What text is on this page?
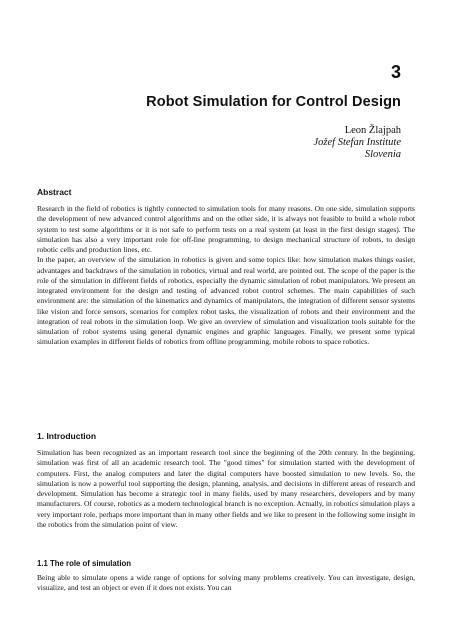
3
Robot Simulation for Control Design
Leon Žlajpah
Jožef Stefan Institute
Slovenia
Abstract

Research in the field of robotics is tightly connected to simulation tools for many reasons. On one side, simulation supports the development of new advanced control algorithms and on the other side, it is always not feasible to build a whole robot system to test some algorithms or it is not safe to perform tests on a real system (at least in the first design stages). The simulation has also a very important role for off-line programming, to design mechanical structure of robots, to design robotic cells and production lines, etc.

In the paper, an overview of the simulation in robotics is given and some topics like: how simulation makes things easier, advantages and backdraws of the simulation in robotics, virtual and real world, are pointed out. The scope of the paper is the role of the simulation in different fields of robotics, especially the dynamic simulation of robot manipulators. We present an integrated environment for the design and testing of advanced robot control schemes. The main capabilities of such environment are: the simulation of the kinematics and dynamics of manipulators, the integration of different sensor systems like vision and force sensors, scenarios for complex robot tasks, the visualization of robots and their environment and the integration of real robots in the simulation loop. We give an overview of simulation and visualization tools suitable for the simulation of robot systems using general dynamic engines and graphic languages. Finally, we present some typical simulation examples in different fields of robotics from offline programming, mobile robots to space robotics.

1. Introduction

Simulation has been recognized as an important research tool since the beginning of the 20th century. In the beginning, simulation was first of all an academic research tool. The "good times" for simulation started with the development of computers. First, the analog computers and later the digital computers have boosted simulation to new levels. So, the simulation is now a powerful tool supporting the design, planning, analysis, and decisions in different areas of research and development. Simulation has become a strategic tool in many fields, used by many researchers, developers and by many manufacturers. Of course, robotics as a modern technological branch is no exception. Actually, in robotics simulation plays a very important role, perhaps more important than in many other fields and we like to present in the following some insight in the robotics from the simulation point of view.

1.1 The role of simulation

Being able to simulate opens a wide range of options for solving many problems creatively. You can investigate, design, visualize, and test an object or even if it does not exists. You can
